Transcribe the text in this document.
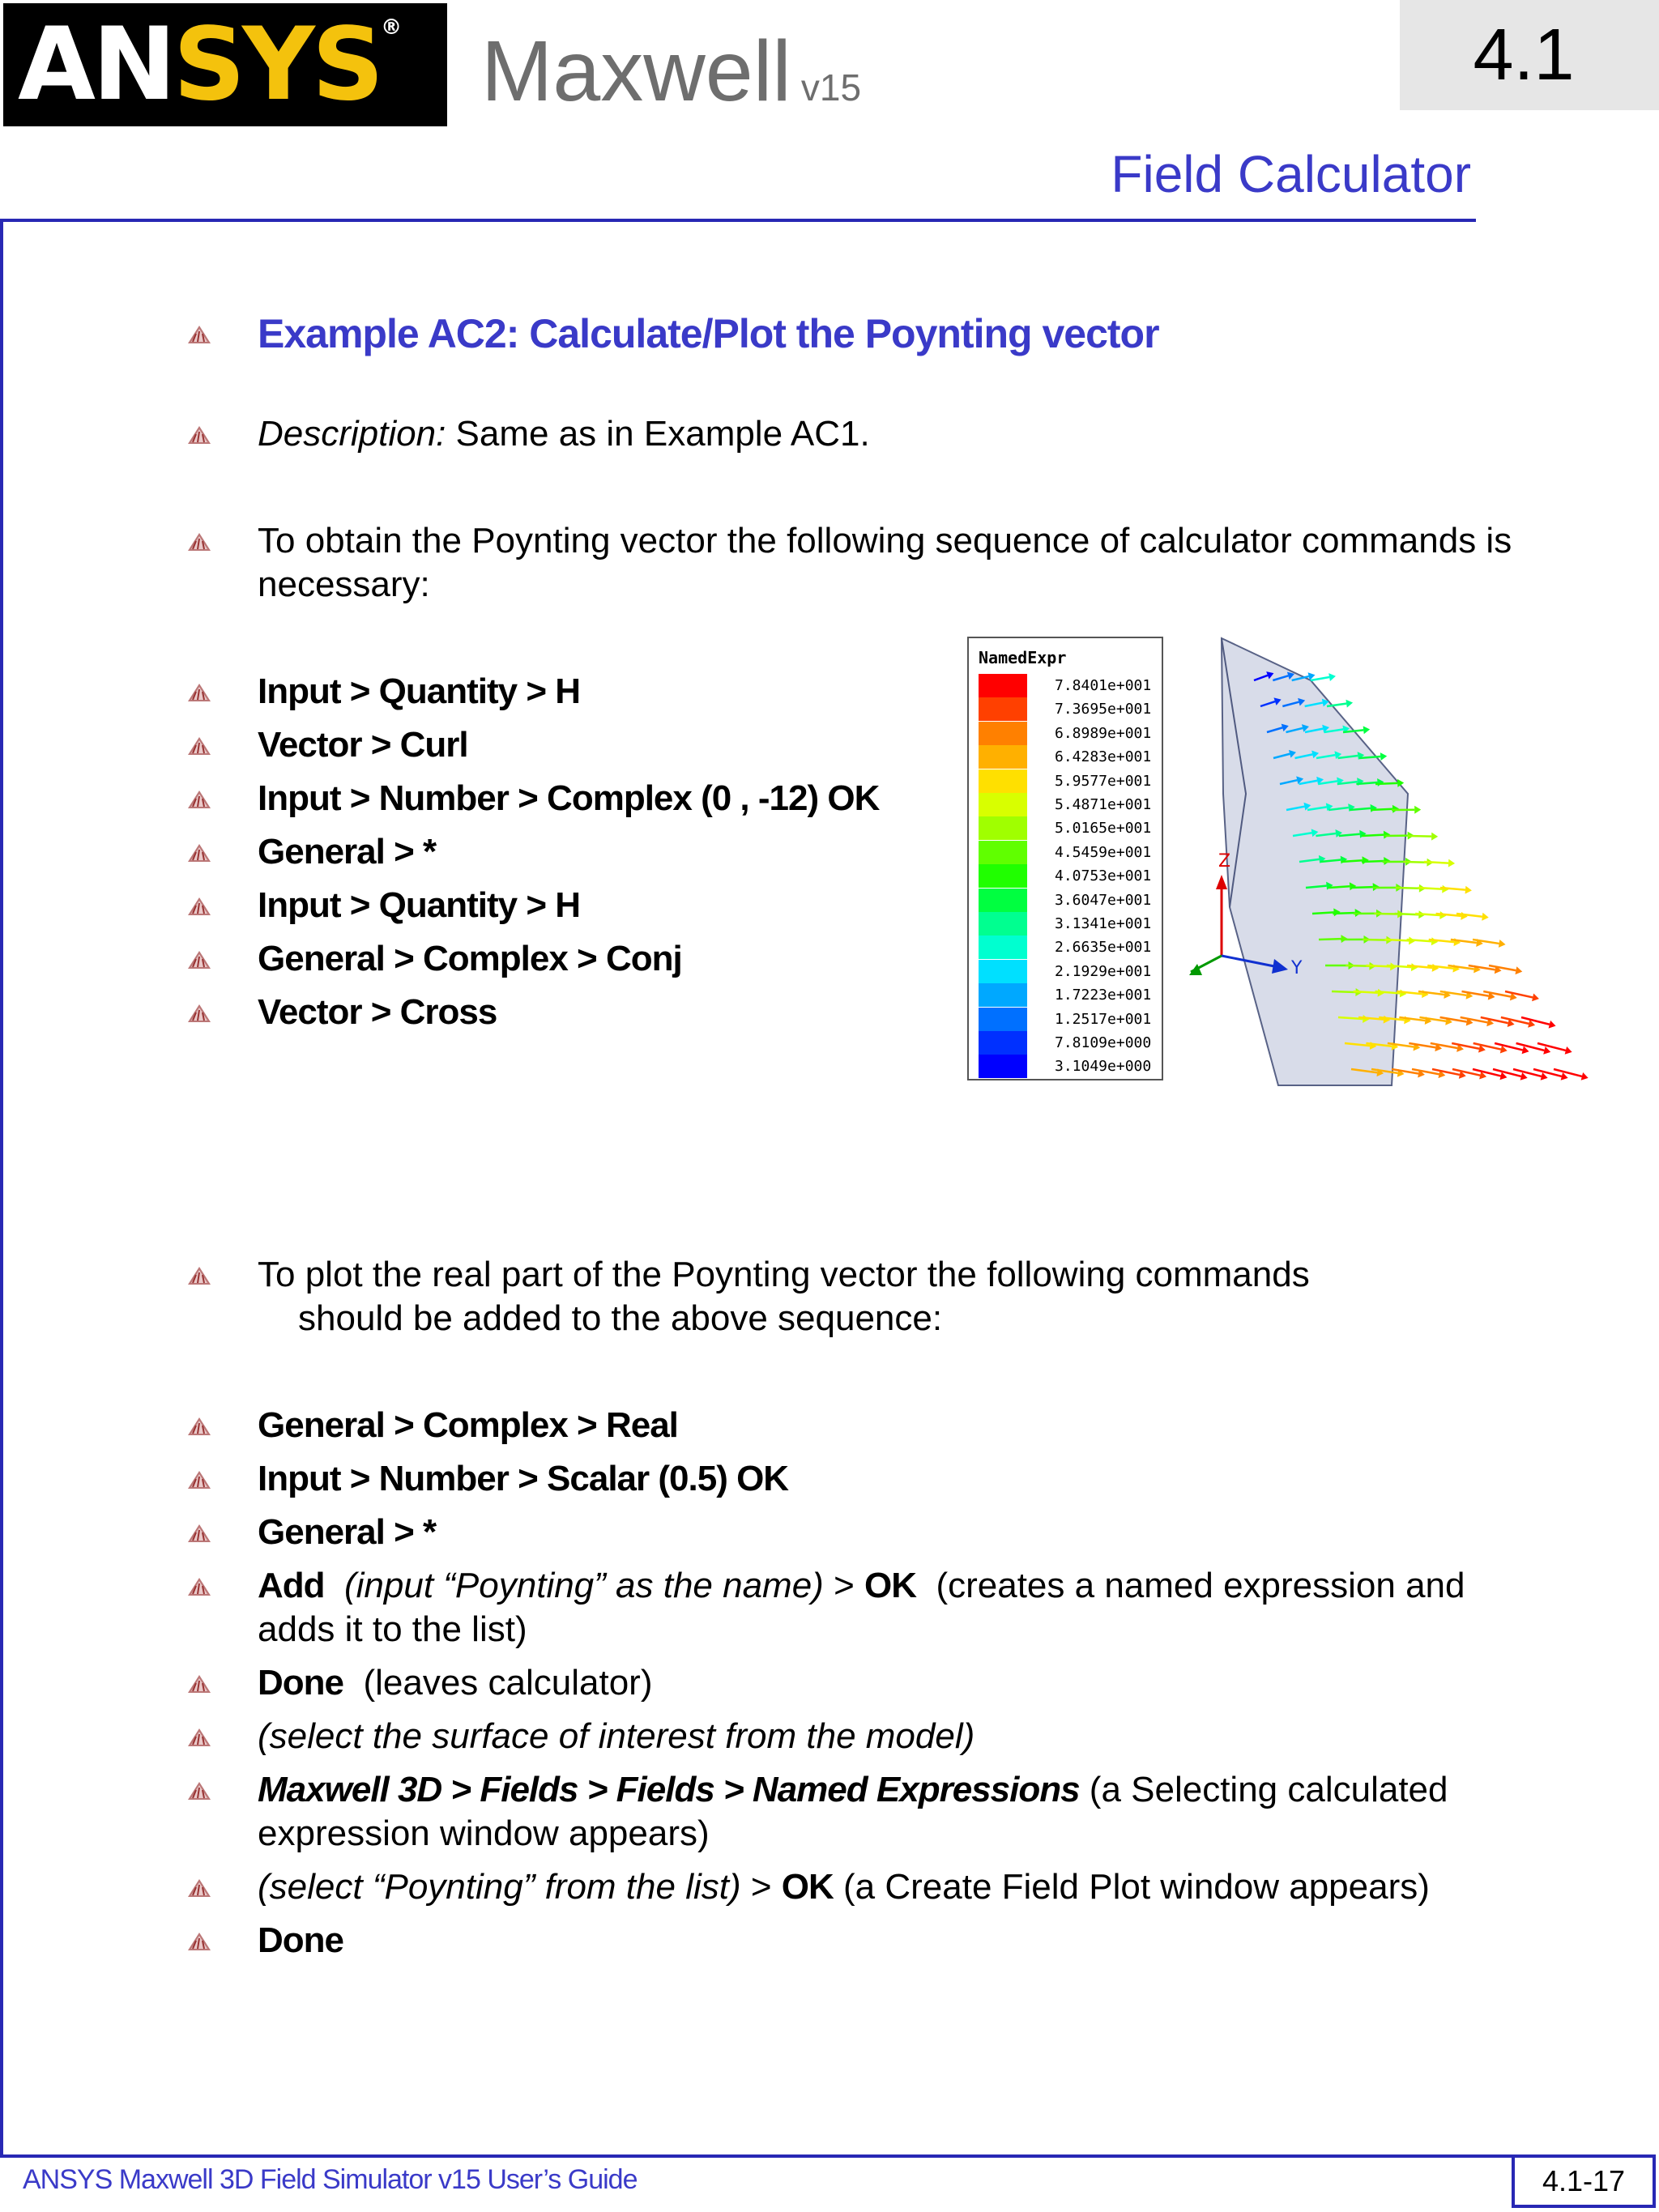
ANSYS® Maxwell v15	4.1
Field Calculator
Example AC2: Calculate/Plot the Poynting vector
Description: Same as in Example AC1.
To obtain the Poynting vector the following sequence of calculator commands is
necessary:
Input > Quantity > H
Vector > Curl
Input > Number > Complex (0 , -12) OK
General > *
Input > Quantity > H
General > Complex > Conj
Vector > Cross
NamedExpr
7.8401e+001
7.3695e+001
6.8989e+001
6.4283e+001
5.9577e+001
5.4871e+001
5.0165e+001
4.5459e+001
4.0753e+001
3.6047e+001
3.1341e+001
2.6635e+001
2.1929e+001
1.7223e+001
1.2517e+001
7.8109e+000
3.1049e+000
Z
Y
To plot the real part of the Poynting vector the following commands
should be added to the above sequence:
General > Complex > Real
Input > Number > Scalar (0.5) OK
General > *
Add (input “Poynting” as the name) > OK (creates a named expression and
adds it to the list)
Done (leaves calculator)
(select the surface of interest from the model)
Maxwell 3D > Fields > Fields > Named Expressions (a Selecting calculated
expression window appears)
(select “Poynting” from the list) > OK (a Create Field Plot window appears)
Done
ANSYS Maxwell 3D Field Simulator v15 User’s Guide	4.1-17
